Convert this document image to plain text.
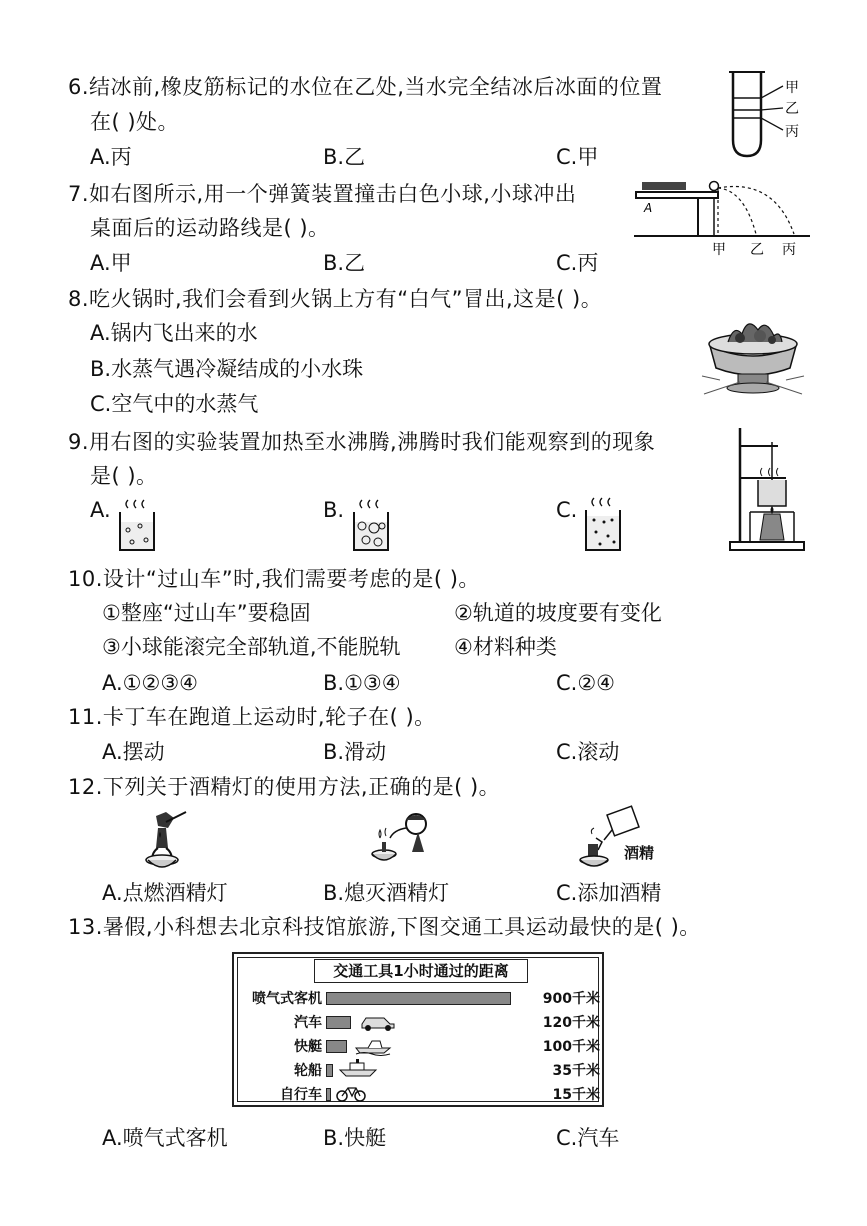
6.结冰前,橡皮筋标记的水位在乙处,当水完全结冰后冰面的位置
在( )处。
A.丙	B.乙	C.甲
甲
乙
丙
7.如右图所示,用一个弹簧装置撞击白色小球,小球冲出
桌面后的运动路线是( )。
A.甲	B.乙	C.丙
A
甲 乙 丙
8.吃火锅时,我们会看到火锅上方有“白气”冒出,这是( )。
A.锅内飞出来的水
B.水蒸气遇冷凝结成的小水珠
C.空气中的水蒸气
9.用右图的实验装置加热至水沸腾,沸腾时我们能观察到的现象
是( )。
A.	B.	C.
10.设计“过山车”时,我们需要考虑的是( )。
①整座“过山车”要稳固	②轨道的坡度要有变化
③小球能滚完全部轨道,不能脱轨	④材料种类
A.①②③④	B.①③④	C.②④
11.卡丁车在跑道上运动时,轮子在( )。
A.摆动	B.滑动	C.滚动
12.下列关于酒精灯的使用方法,正确的是( )。
酒精
A.点燃酒精灯	B.熄灭酒精灯	C.添加酒精
13.暑假,小科想去北京科技馆旅游,下图交通工具运动最快的是( )。
交通工具1小时通过的距离
喷气式客机	900千米
汽车	120千米
快艇	100千米
轮船	35千米
自行车	15千米
A.喷气式客机	B.快艇	C.汽车
